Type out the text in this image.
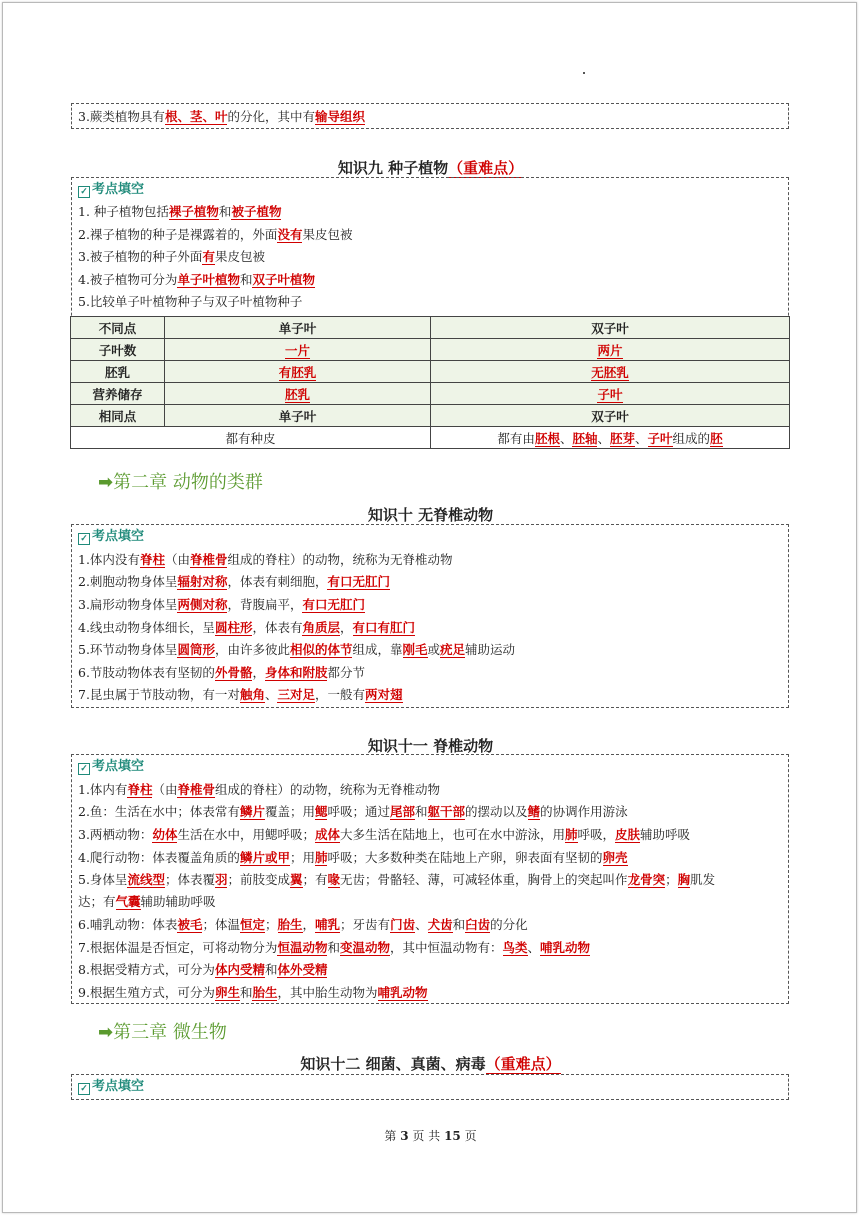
3.蕨类植物具有根、茎、叶的分化，其中有输导组织
知识九 种子植物（重难点）
✓ 考点填空
1. 种子植物包括裸子植物和被子植物
2.裸子植物的种子是裸露着的，外面没有果皮包被
3.被子植物的种子外面有果皮包被
4.被子植物可分为单子叶植物和双子叶植物
5.比较单子叶植物种子与双子叶植物种子
不同点	单子叶	双子叶
子叶数	一片	两片
胚乳	有胚乳	无胚乳
营养储存	胚乳	子叶
相同点	单子叶	双子叶
都有种皮		都有由胚根、胚轴、胚芽、子叶组成的胚
➡第二章 动物的类群
知识十 无脊椎动物
✓ 考点填空
1.体内没有脊柱（由脊椎骨组成的脊柱）的动物，统称为无脊椎动物
2.刺胞动物身体呈辐射对称，体表有刺细胞，有口无肛门
3.扁形动物身体呈两侧对称，背腹扁平，有口无肛门
4.线虫动物身体细长，呈圆柱形，体表有角质层，有口有肛门
5.环节动物身体呈圆筒形，由许多彼此相似的体节组成，靠刚毛或疣足辅助运动
6.节肢动物体表有坚韧的外骨骼，身体和附肢都分节
7.昆虫属于节肢动物，有一对触角、三对足，一般有两对翅
知识十一 脊椎动物
✓ 考点填空
1.体内有脊柱（由脊椎骨组成的脊柱）的动物，统称为无脊椎动物
2.鱼：生活在水中；体表常有鳞片覆盖；用鳃呼吸；通过尾部和躯干部的摆动以及鳍的协调作用游泳
3.两栖动物：幼体生活在水中，用鳃呼吸；成体大多生活在陆地上，也可在水中游泳，用肺呼吸，皮肤辅助呼吸
4.爬行动物：体表覆盖角质的鳞片或甲；用肺呼吸；大多数种类在陆地上产卵，卵表面有坚韧的卵壳
5.身体呈流线型；体表覆羽；前肢变成翼；有喙无齿；骨骼轻、薄，可减轻体重，胸骨上的突起叫作龙骨突；胸肌发
达；有气囊辅助辅助呼吸
6.哺乳动物：体表被毛；体温恒定；胎生，哺乳；牙齿有门齿、犬齿和臼齿的分化
7.根据体温是否恒定，可将动物分为恒温动物和变温动物，其中恒温动物有：鸟类、哺乳动物
8.根据受精方式，可分为体内受精和体外受精
9.根据生殖方式，可分为卵生和胎生，其中胎生动物为哺乳动物
➡第三章 微生物
知识十二 细菌、真菌、病毒（重难点）
✓ 考点填空
第 3 页 共 15 页
